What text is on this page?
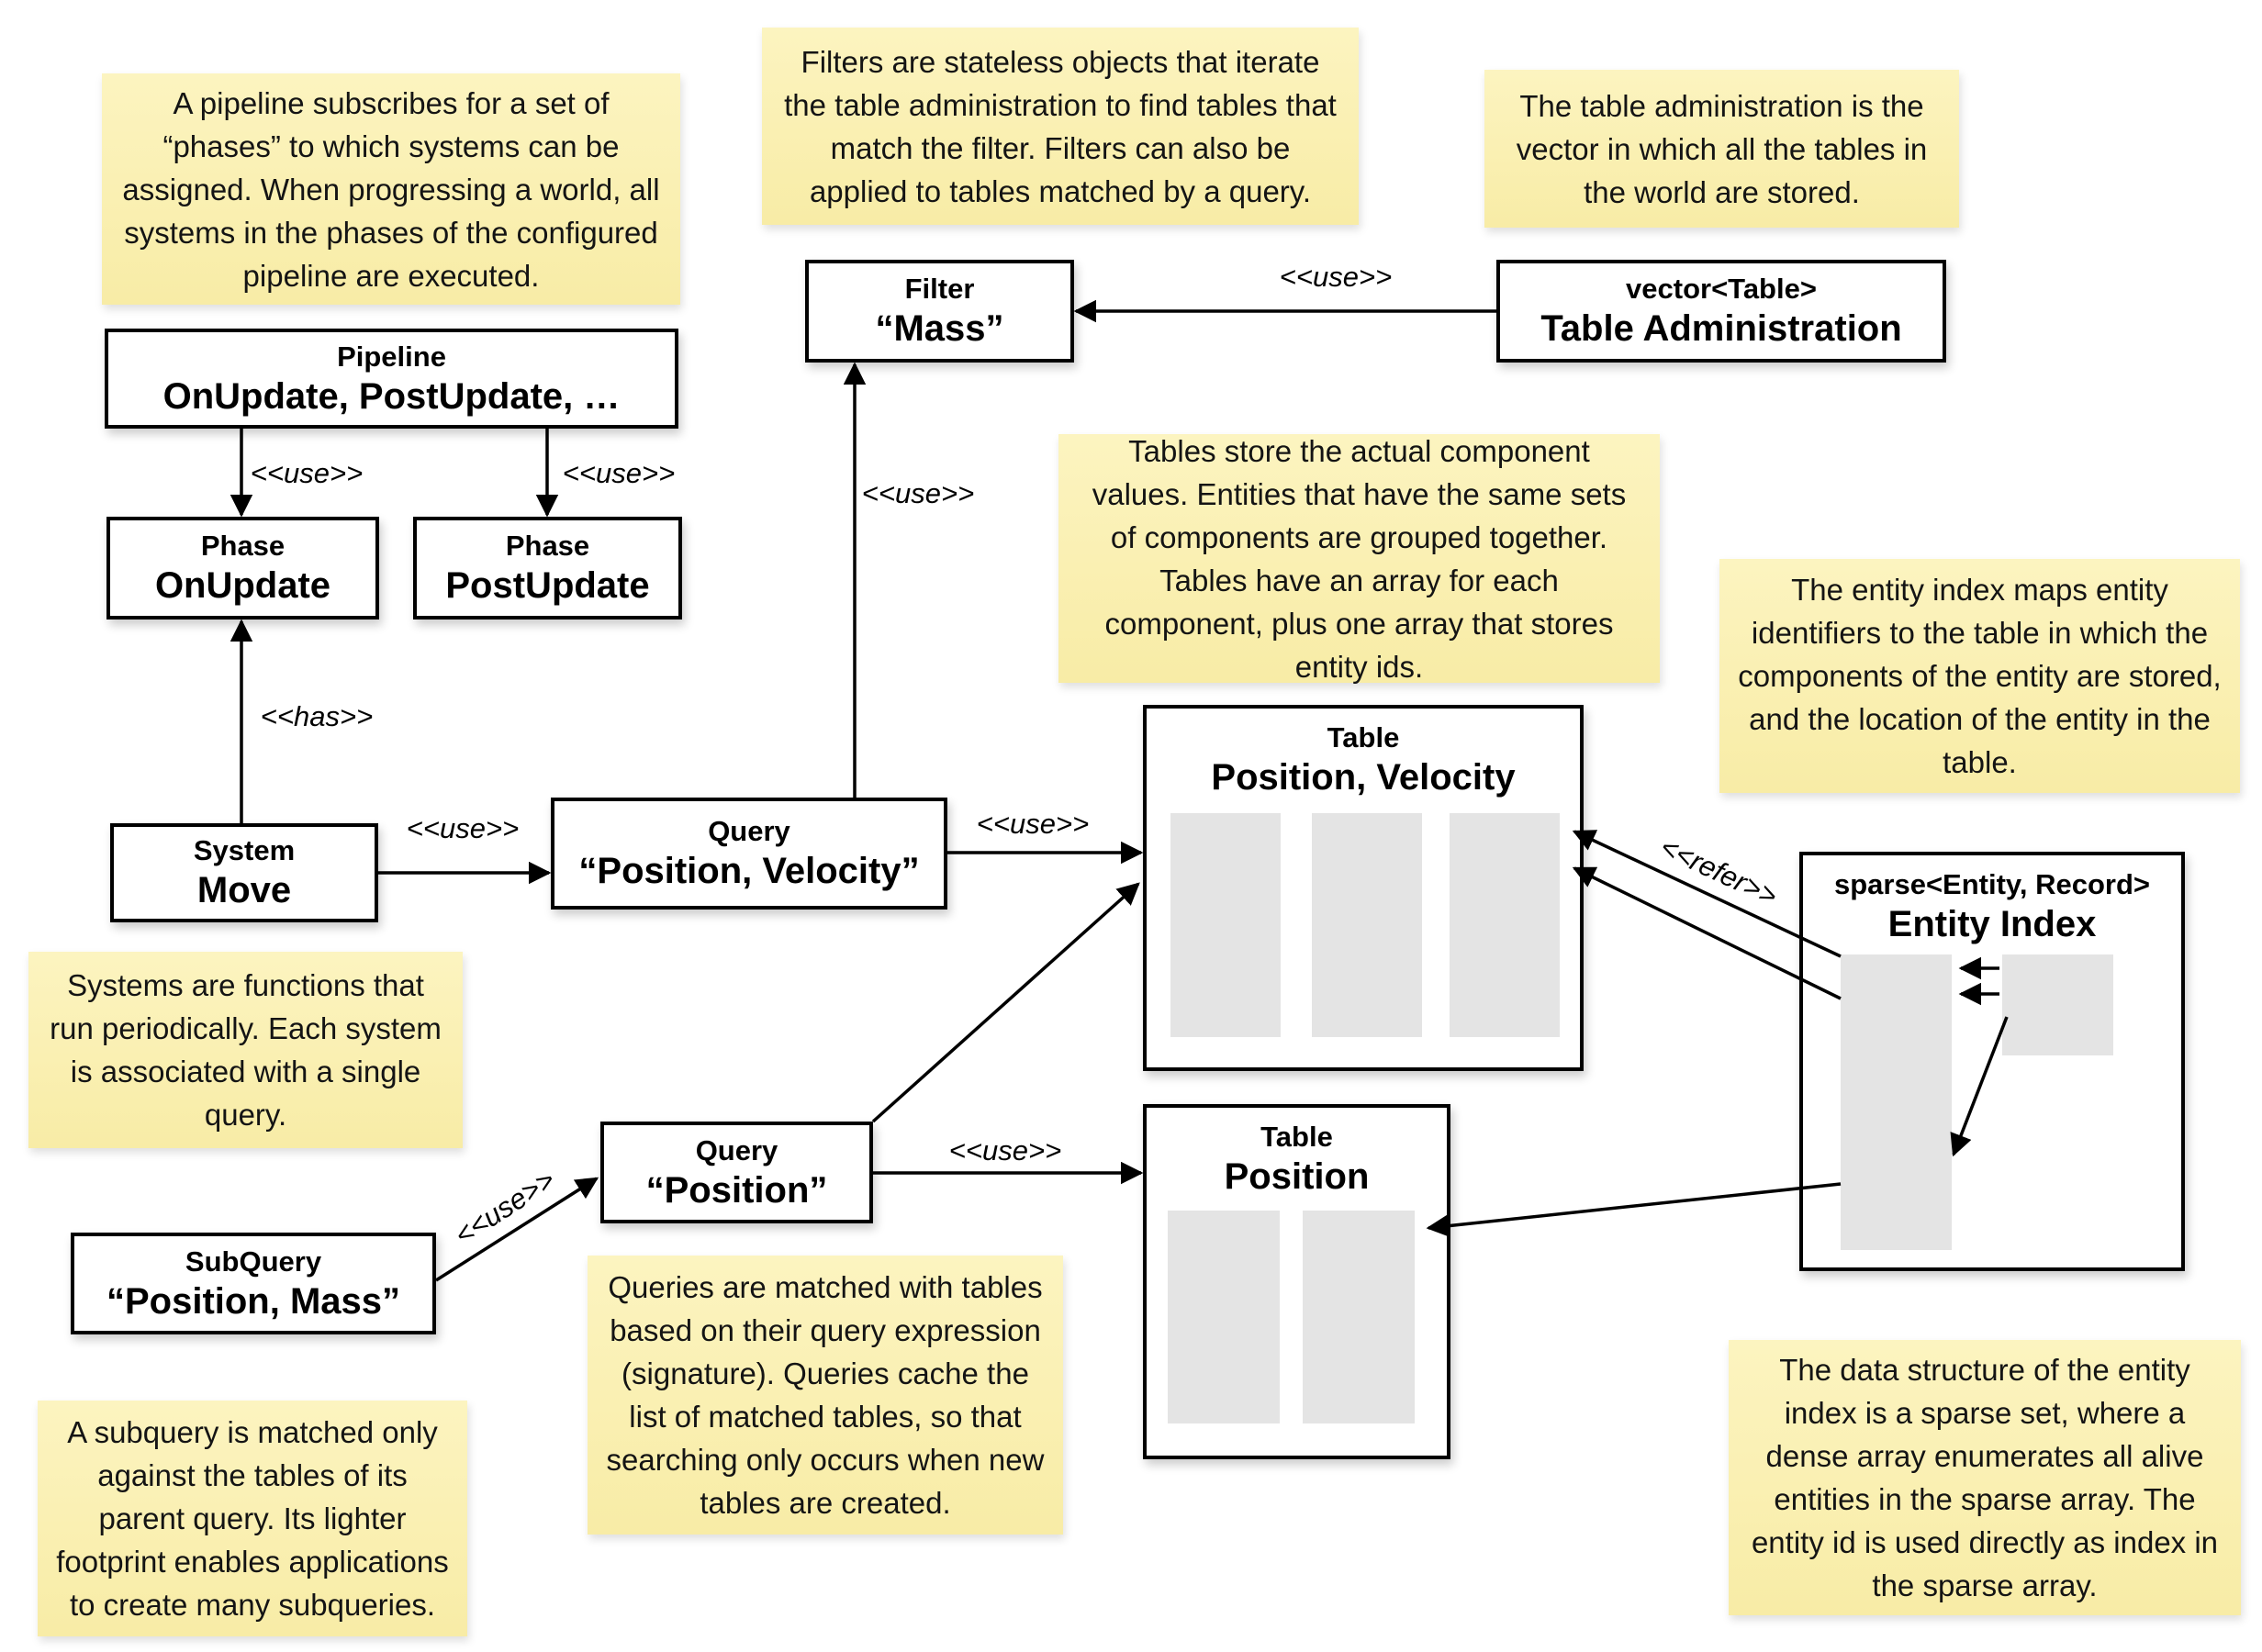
A pipeline subscribes for a set of “phases” to which systems can be assigned. When progressing a world, all systems in the phases of the configured pipeline are executed.
Filters are stateless objects that iterate the table administration to find tables that match the filter. Filters can also be applied to tables matched by a query.
The table administration is the vector in which all the tables in the world are stored.
Tables store the actual component values. Entities that have the same sets of components are grouped together. Tables have an array for each component, plus one array that stores entity ids.
The entity index maps entity identifiers to the table in which the components of the entity are stored, and the location of the entity in the table.
Systems are functions that run periodically. Each system is associated with a single query.
Queries are matched with tables based on their query expression (signature). Queries cache the list of matched tables, so that searching only occurs when new tables are created.
A subquery is matched only against the tables of its parent query. Its lighter footprint enables applications to create many subqueries.
The data structure of the entity index is a sparse set, where a dense array enumerates all alive entities in the sparse array. The entity id is used directly as index in the sparse array.
Pipeline
OnUpdate, PostUpdate, …
Phase
OnUpdate
Phase
PostUpdate
Filter
“Mass”
vector<Table>
Table Administration
System
Move
Query
“Position, Velocity”
Table
Position, Velocity
sparse<Entity, Record>
Entity Index
Query
“Position”
Table
Position
SubQuery
“Position, Mass”
<<use>>	<<use>>
<<has>>
<<use>>
<<use>>
<<use>>
<<use>>
<<use>>
<<use>>
<<refer>>
